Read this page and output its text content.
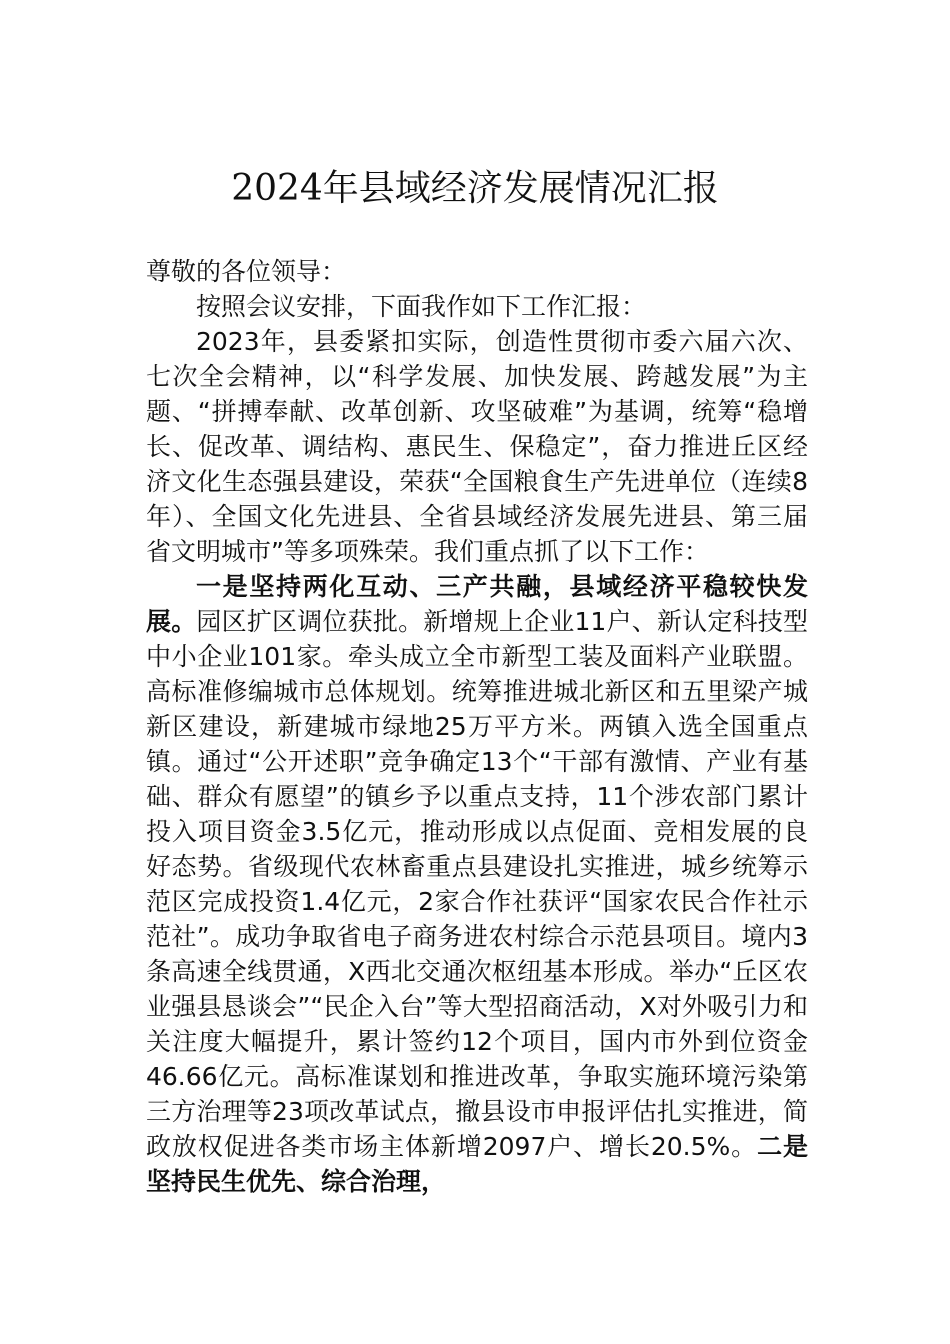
2024年县域经济发展情况汇报

尊敬的各位领导：

按照会议安排，下面我作如下工作汇报：

2023年，县委紧扣实际，创造性贯彻市委六届六次、七次全会精神，以“科学发展、加快发展、跨越发展”为主题、“拼搏奉献、改革创新、攻坚破难”为基调，统筹“稳增长、促改革、调结构、惠民生、保稳定”，奋力推进丘区经济文化生态强县建设，荣获“全国粮食生产先进单位（连续8年）、全国文化先进县、全省县域经济发展先进县、第三届省文明城市”等多项殊荣。我们重点抓了以下工作：

一是坚持两化互动、三产共融，县域经济平稳较快发展。园区扩区调位获批。新增规上企业11户、新认定科技型中小企业101家。牵头成立全市新型工装及面料产业联盟。高标准修编城市总体规划。统筹推进城北新区和五里梁产城新区建设，新建城市绿地25万平方米。两镇入选全国重点镇。通过“公开述职”竞争确定13个“干部有激情、产业有基础、群众有愿望”的镇乡予以重点支持，11个涉农部门累计投入项目资金3.5亿元，推动形成以点促面、竞相发展的良好态势。省级现代农林畜重点县建设扎实推进，城乡统筹示范区完成投资1.4亿元，2家合作社获评“国家农民合作社示范社”。成功争取省电子商务进农村综合示范县项目。境内3条高速全线贯通，X西北交通次枢纽基本形成。举办“丘区农业强县恳谈会”“民企入台”等大型招商活动，X对外吸引力和关注度大幅提升，累计签约12个项目，国内市外到位资金46.66亿元。高标准谋划和推进改革，争取实施环境污染第三方治理等23项改革试点，撤县设市申报评估扎实推进，简政放权促进各类市场主体新增2097户、增长20.5%。二是坚持民生优先、综合治理，
